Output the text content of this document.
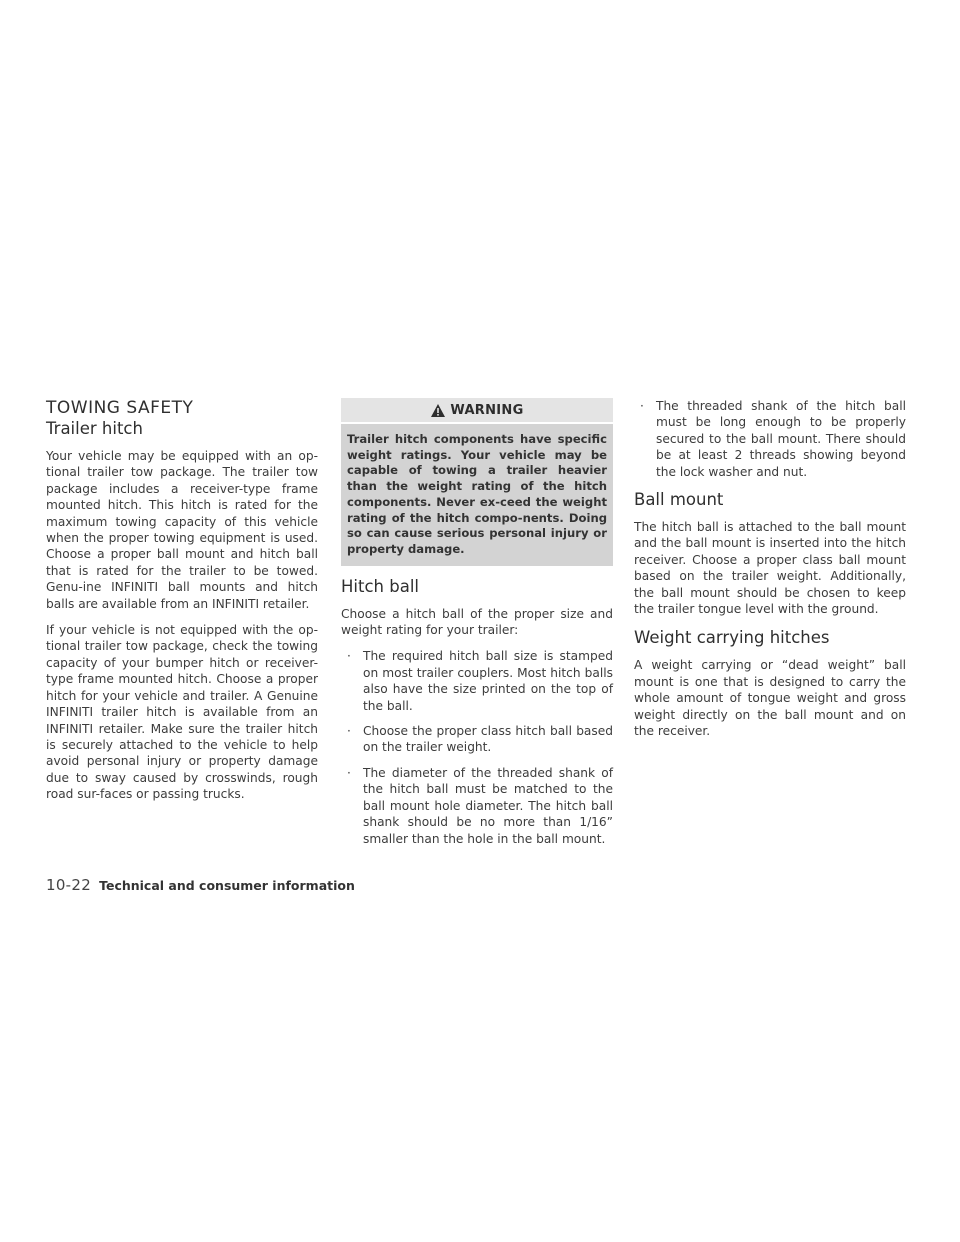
TOWING SAFETY
Trailer hitch

Your vehicle may be equipped with an op-tional trailer tow package. The trailer tow package includes a receiver-type frame mounted hitch. This hitch is rated for the maximum towing capacity of this vehicle when the proper towing equipment is used. Choose a proper ball mount and hitch ball that is rated for the trailer to be towed. Genu-ine INFINITI ball mounts and hitch balls are available from an INFINITI retailer.

If your vehicle is not equipped with the op-tional trailer tow package, check the towing capacity of your bumper hitch or receiver-type frame mounted hitch. Choose a proper hitch for your vehicle and trailer. A Genuine INFINITI trailer hitch is available from an INFINITI retailer. Make sure the trailer hitch is securely attached to the vehicle to help avoid personal injury or property damage due to sway caused by crosswinds, rough road sur-faces or passing trucks.

WARNING
Trailer hitch components have specific weight ratings. Your vehicle may be capable of towing a trailer heavier than the weight rating of the hitch components. Never ex-ceed the weight rating of the hitch compo-nents. Doing so can cause serious personal injury or property damage.
Hitch ball

Choose a hitch ball of the proper size and weight rating for your trailer:

· The required hitch ball size is stamped on most trailer couplers. Most hitch balls also have the size printed on the top of the ball.
· Choose the proper class hitch ball based on the trailer weight.
· The diameter of the threaded shank of the hitch ball must be matched to the ball mount hole diameter. The hitch ball shank should be no more than 1/16” smaller than the hole in the ball mount.
· The threaded shank of the hitch ball must be long enough to be properly secured to the ball mount. There should be at least 2 threads showing beyond the lock washer and nut.
Ball mount

The hitch ball is attached to the ball mount and the ball mount is inserted into the hitch receiver. Choose a proper class ball mount based on the trailer weight. Additionally, the ball mount should be chosen to keep the trailer tongue level with the ground.

Weight carrying hitches

A weight carrying or “dead weight” ball mount is one that is designed to carry the whole amount of tongue weight and gross weight directly on the ball mount and on the receiver.

10-22 Technical and consumer information
